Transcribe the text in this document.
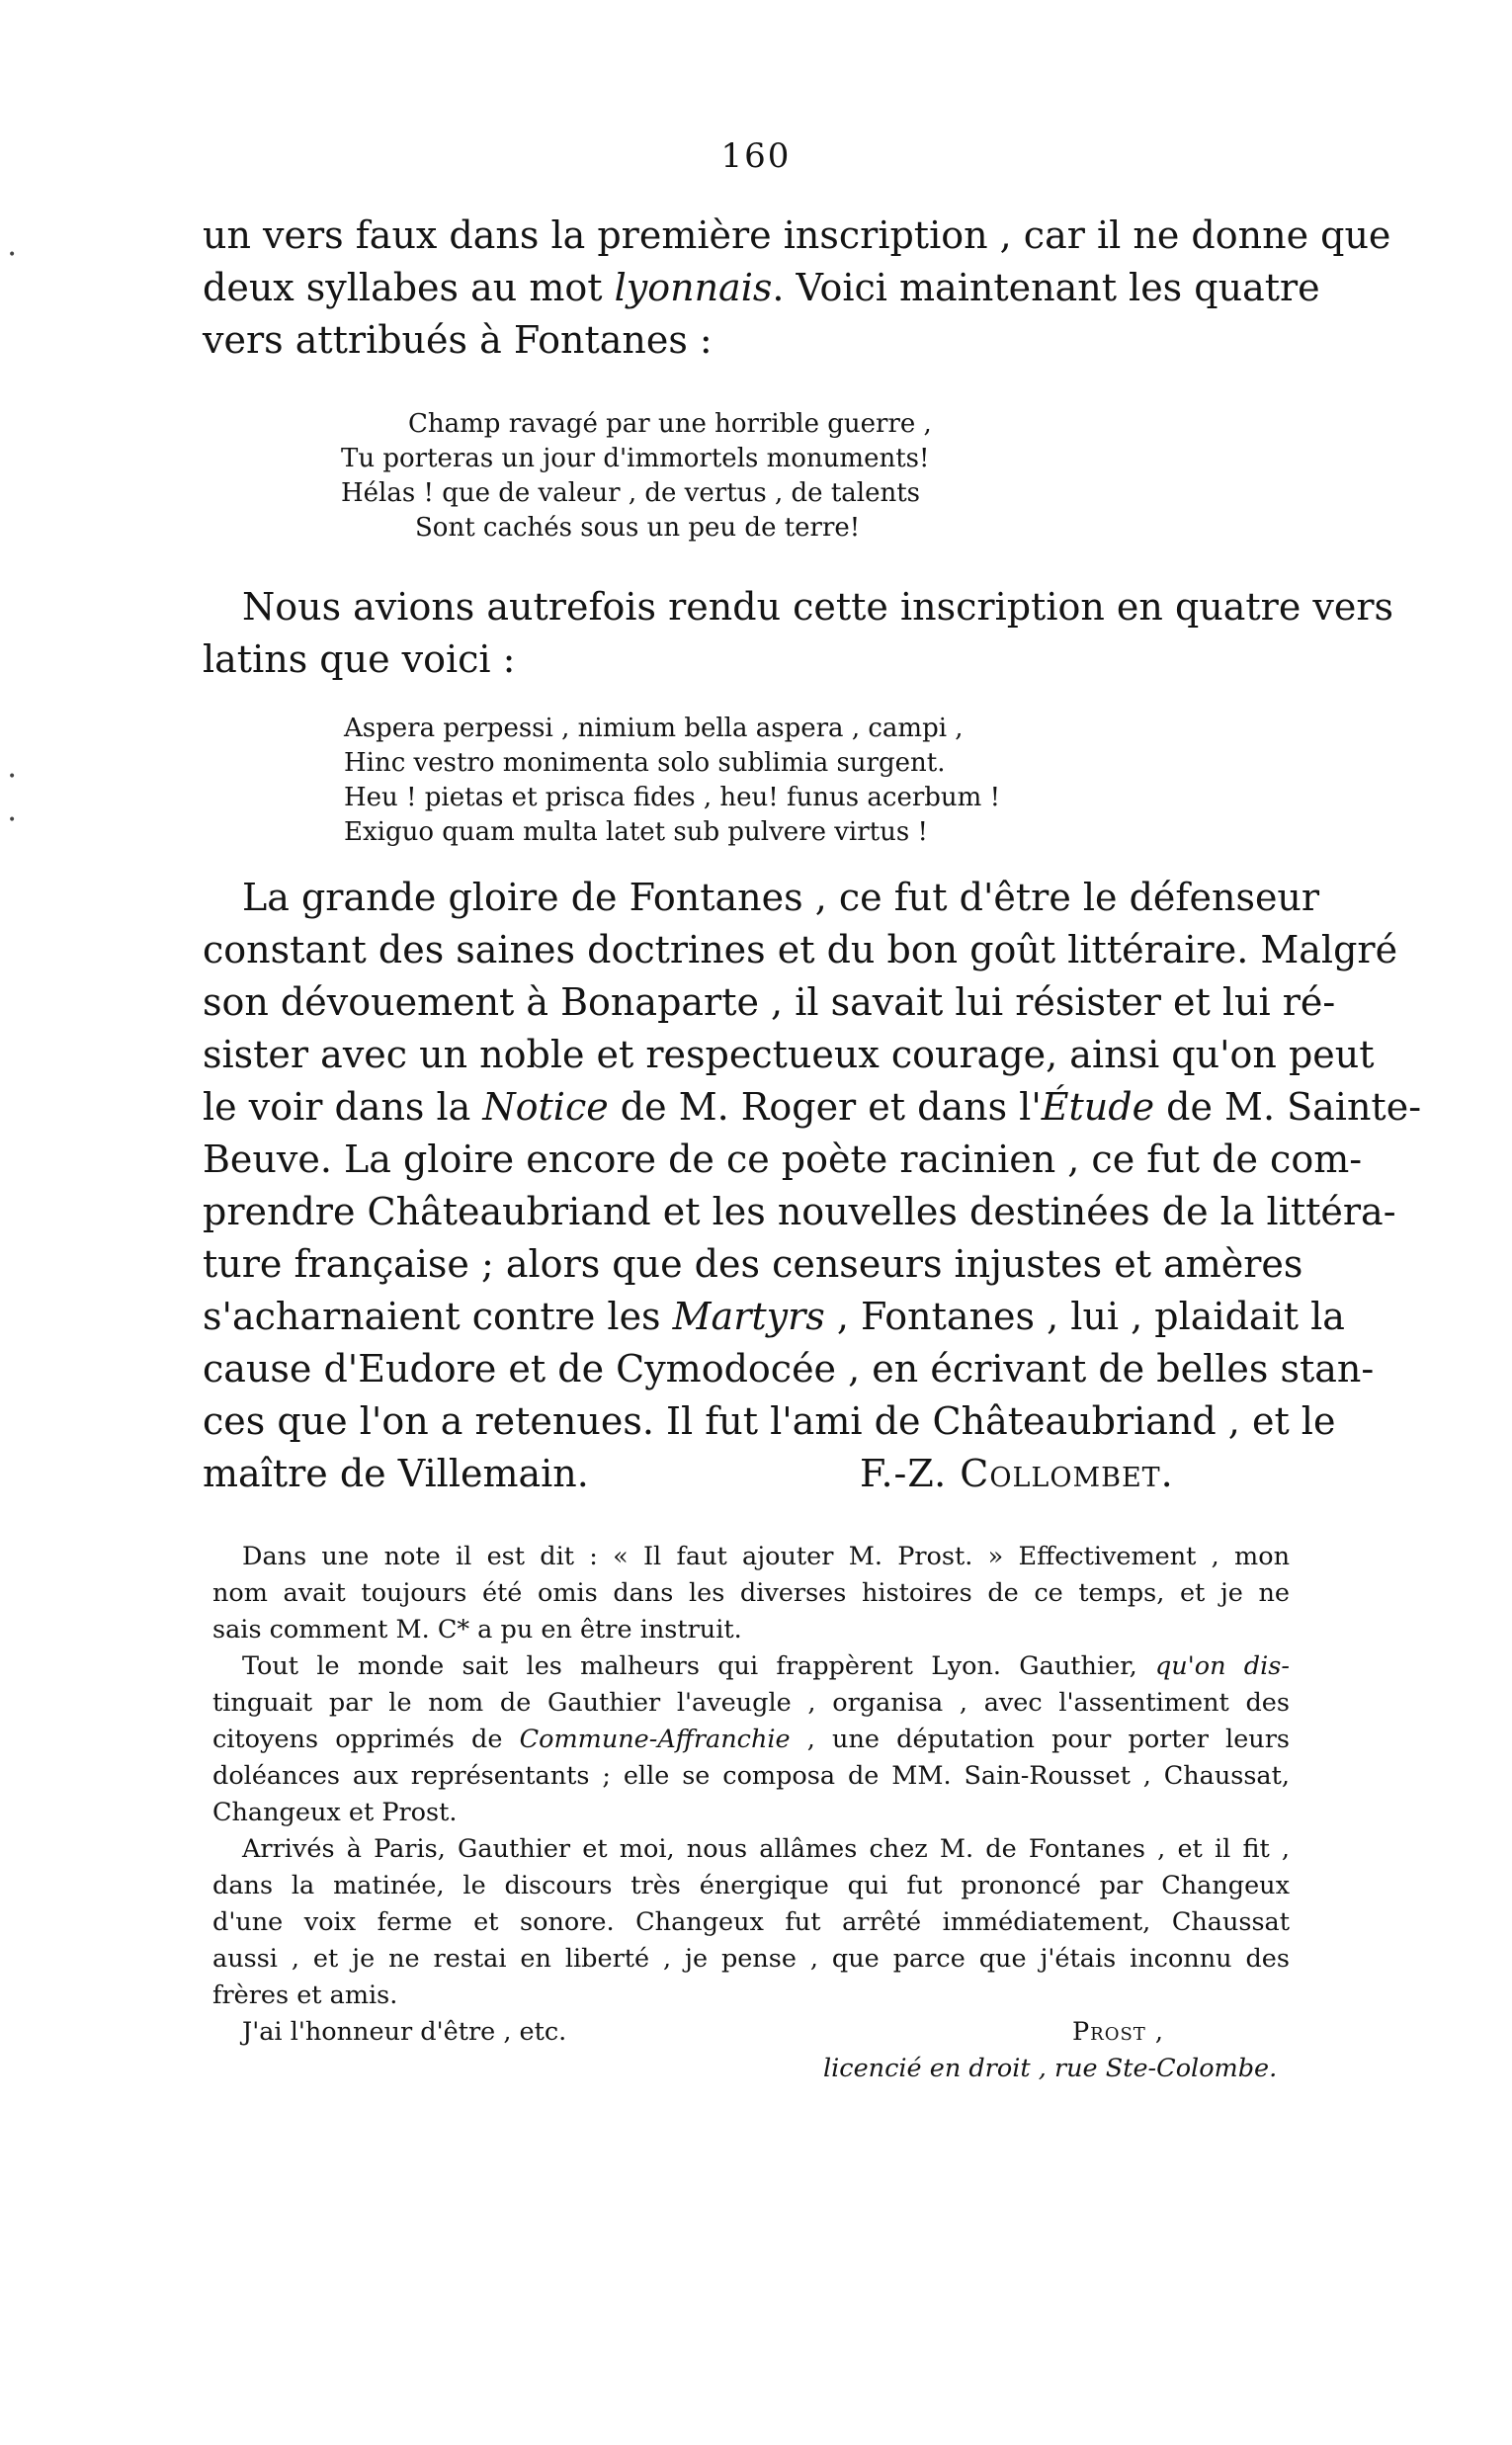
160
un vers faux dans la première inscription , car il ne donne que
deux syllabes au mot lyonnais. Voici maintenant les quatre
vers attribués à Fontanes :
Champ ravagé par une horrible guerre ,
Tu porteras un jour d'immortels monuments!
Hélas ! que de valeur , de vertus , de talents
Sont cachés sous un peu de terre!
Nous avions autrefois rendu cette inscription en quatre vers
latins que voici :
Aspera perpessi , nimium bella aspera , campi ,
Hinc vestro monimenta solo sublimia surgent.
Heu ! pietas et prisca fides , heu! funus acerbum !
Exiguo quam multa latet sub pulvere virtus !
La grande gloire de Fontanes , ce fut d'être le défenseur
constant des saines doctrines et du bon goût littéraire. Malgré
son dévouement à Bonaparte , il savait lui résister et lui ré-
sister avec un noble et respectueux courage, ainsi qu'on peut
le voir dans la Notice de M. Roger et dans l'Étude de M. Sainte-
Beuve. La gloire encore de ce poète racinien , ce fut de com-
prendre Châteaubriand et les nouvelles destinées de la littéra-
ture française ; alors que des censeurs injustes et amères
s'acharnaient contre les Martyrs , Fontanes , lui , plaidait la
cause d'Eudore et de Cymodocée , en écrivant de belles stan-
ces que l'on a retenues. Il fut l'ami de Châteaubriand , et le
maître de Villemain.	F.-Z. Collombet.
Dans une note il est dit : « Il faut ajouter M. Prost. » Effectivement , mon
nom avait toujours été omis dans les diverses histoires de ce temps, et je ne
sais comment M. C* a pu en être instruit.
Tout le monde sait les malheurs qui frappèrent Lyon. Gauthier, qu'on dis-
tinguait par le nom de Gauthier l'aveugle , organisa , avec l'assentiment des
citoyens opprimés de Commune-Affranchie , une députation pour porter leurs
doléances aux représentants ; elle se composa de MM. Sain-Rousset , Chaussat,
Changeux et Prost.
Arrivés à Paris, Gauthier et moi, nous allâmes chez M. de Fontanes , et il fit ,
dans la matinée, le discours très énergique qui fut prononcé par Changeux
d'une voix ferme et sonore. Changeux fut arrêté immédiatement, Chaussat
aussi , et je ne restai en liberté , je pense , que parce que j'étais inconnu des
frères et amis.
J'ai l'honneur d'être , etc.	Prost ,
licencié en droit , rue Ste-Colombe.
•
•
•
